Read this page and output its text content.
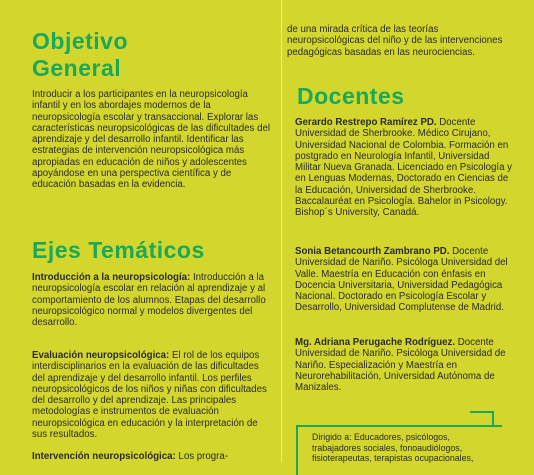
Objetivo
General

Introducir a los participantes en la neuropsicología infantil y en los abordajes modernos de la neuropsicología escolar y transaccional. Explorar las características neuropsicológicas de las dificultades del aprendizaje y del desarrollo infantil. Identificar las estrategias de intervención neuropsicológica más apropiadas en educación de niños y adolescentes apoyándose en una perspectiva científica y de educación basadas en la evidencia.

Ejes Temáticos

Introducción a la neuropsicología: Introducción a la neuropsicología escolar en relación al aprendizaje y al comportamiento de los alumnos. Etapas del desarrollo neuropsicológico normal y modelos divergentes del desarrollo.

Evaluación neuropsicológica: El rol de los equipos interdisciplinarios en la evaluación de las dificultades del aprendizaje y del desarrollo infantil. Los perfiles neuropsicológicos de los niños y niñas con dificultades del desarrollo y del aprendizaje. Las principales metodologías e instrumentos de evaluación neuropsicológica en educación y la interpretación de sus resultados.

Intervención neuropsicológica: Los progra-

de una mirada crítica de las teorías neuropsicológicas del niño y de las intervenciones pedagógicas basadas en las neurociencias.

Docentes

Gerardo Restrepo Ramírez PD. Docente Universidad de Sherbrooke. Médico Cirujano, Universidad Nacional de Colombia. Formación en postgrado en Neurología Infantil, Universidad Militar Nueva Granada. Licenciado en Psicología y en Lenguas Modernas, Doctorado en Ciencias de la Educación, Universidad de Sherbrooke. Baccalauréat en Psicología. Bahelor in Psicology. Bishop´s University, Canadá.

Sonia Betancourth Zambrano PD. Docente Universidad de Nariño. Psicóloga Universidad del Valle. Maestría en Educación con énfasis en Docencia Universitaria, Universidad Pedagógica Nacional. Doctorado en Psicología Escolar y Desarrollo, Universidad Complutense de Madrid.

Mg. Adriana Perugache Rodríguez. Docente Universidad de Nariño. Psicóloga Universidad de Nariño. Especialización y Maestría en Neurorehabilitación, Universidad Autónoma de Manizales.

Dirigido a: Educadores, psicólogos, trabajadores sociales, fonoaudiólogos, fisioterapeutas, terapistas ocupacionales,
